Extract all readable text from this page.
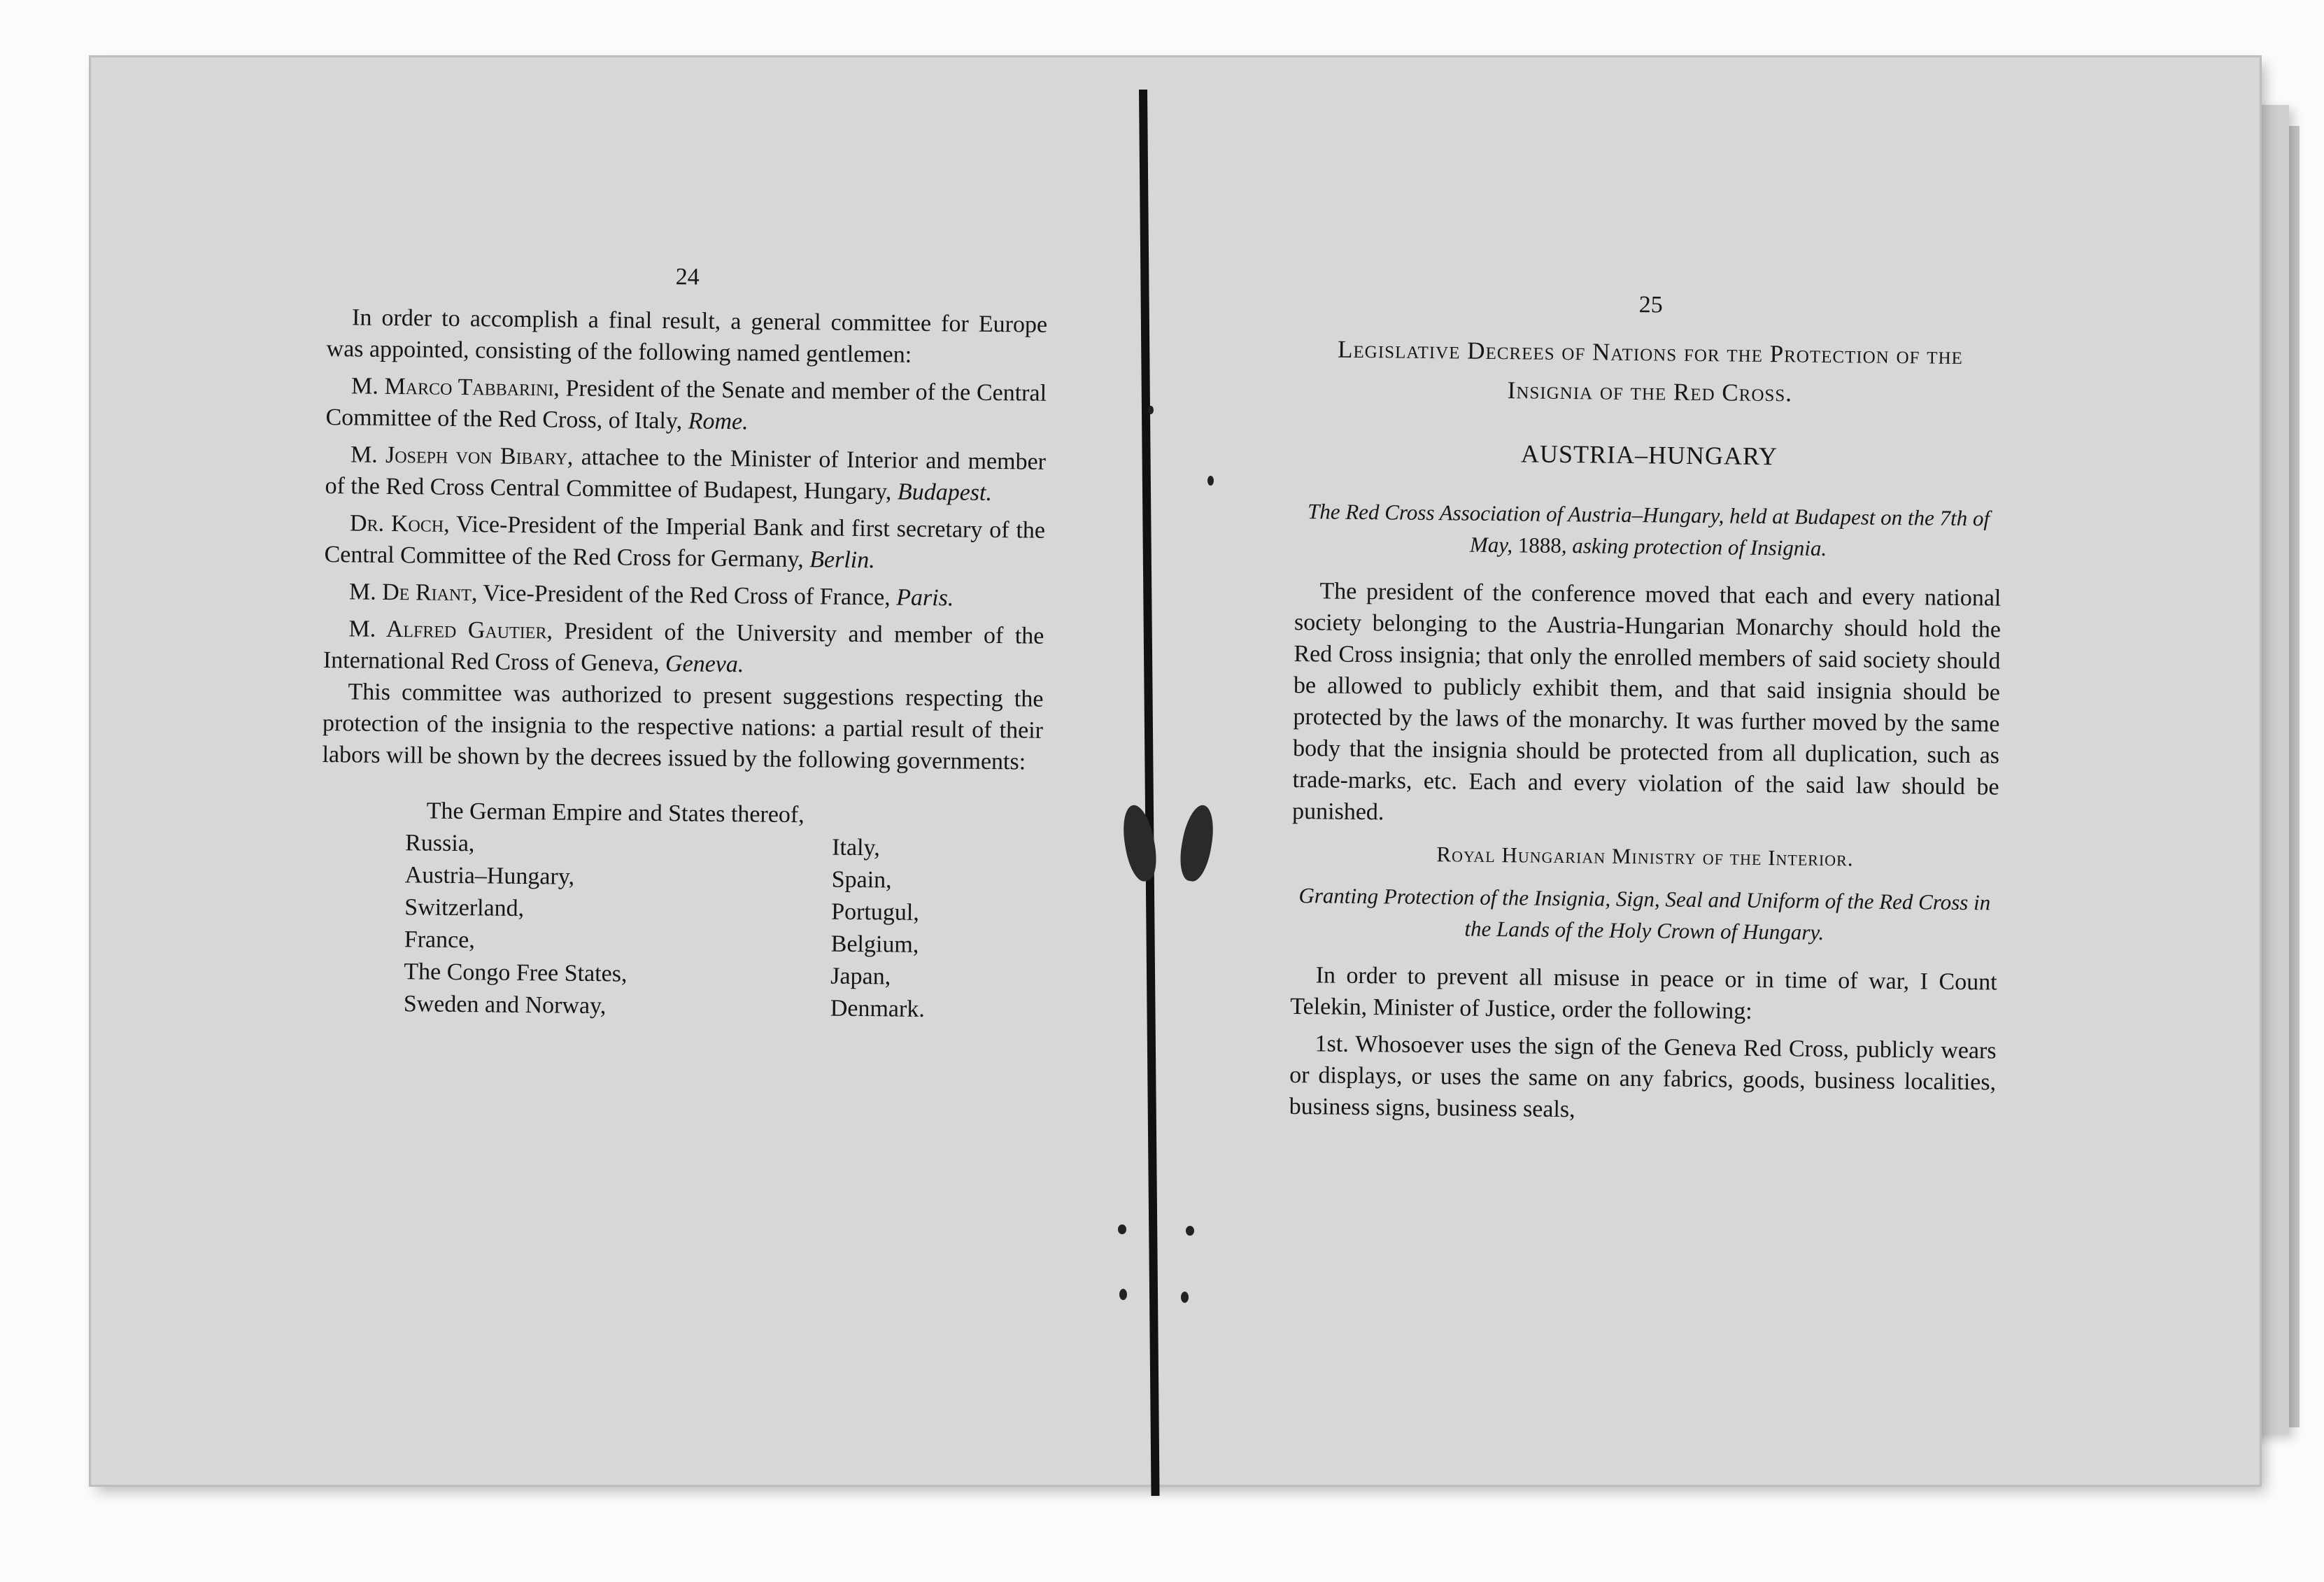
24

In order to accomplish a final result, a general committee for Europe was appointed, consisting of the following named gentlemen:

M. Marco Tabbarini, President of the Senate and member of the Central Committee of the Red Cross, of Italy, Rome.

M. Joseph von Bibary, attachee to the Minister of Interior and member of the Red Cross Central Committee of Budapest, Hungary, Budapest.

Dr. Koch, Vice-President of the Imperial Bank and first secretary of the Central Committee of the Red Cross for Germany, Berlin.

M. De Riant, Vice-President of the Red Cross of France, Paris.

M. Alfred Gautier, President of the University and member of the International Red Cross of Geneva, Geneva.

This committee was authorized to present suggestions respecting the protection of the insignia to the respective nations: a partial result of their labors will be shown by the decrees issued by the following governments:

The German Empire and States thereof,
Russia,	Italy,
Austria–Hungary,	Spain,
Switzerland,	Portugul,
France,	Belgium,
The Congo Free States,	Japan,
Sweden and Norway,	Denmark.
25
Legislative Decrees of Nations for the Protection of the Insignia of the Red Cross.
AUSTRIA–HUNGARY
The Red Cross Association of Austria–Hungary, held at Budapest on the 7th of May, 1888, asking protection of Insignia.

The president of the conference moved that each and every national society belonging to the Austria-Hungarian Monarchy should hold the Red Cross insignia; that only the enrolled members of said society should be allowed to publicly exhibit them, and that said insignia should be protected by the laws of the monarchy. It was further moved by the same body that the insignia should be protected from all duplication, such as trade-marks, etc. Each and every violation of the said law should be punished.

Royal Hungarian Ministry of the Interior.
Granting Protection of the Insignia, Sign, Seal and Uniform of the Red Cross in the Lands of the Holy Crown of Hungary.

In order to prevent all misuse in peace or in time of war, I Count Telekin, Minister of Justice, order the following:

1st. Whosoever uses the sign of the Geneva Red Cross, publicly wears or displays, or uses the same on any fabrics, goods, business localities, business signs, business seals,
